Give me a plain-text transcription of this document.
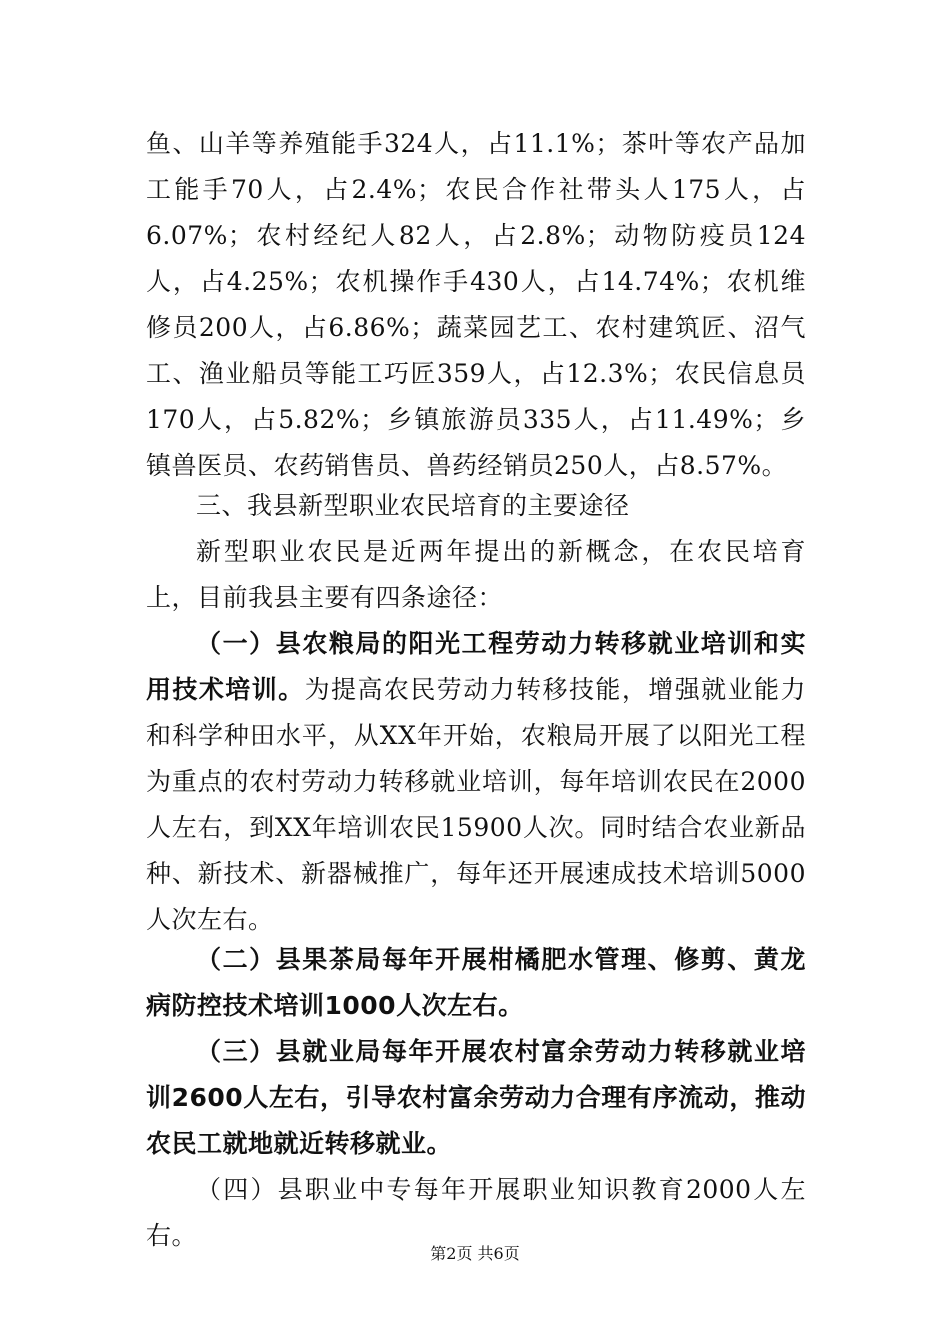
鱼、山羊等养殖能手324人，占11.1%；茶叶等农产品加工能手70人，占2.4%；农民合作社带头人175人，占6.07%；农村经纪人82人，占2.8%；动物防疫员124人，占4.25%；农机操作手430人，占14.74%；农机维修员200人，占6.86%；蔬菜园艺工、农村建筑匠、沼气工、渔业船员等能工巧匠359人，占12.3%；农民信息员170人，占5.82%；乡镇旅游员335人，占11.49%；乡镇兽医员、农药销售员、兽药经销员250人，占8.57%。

三、我县新型职业农民培育的主要途径

新型职业农民是近两年提出的新概念，在农民培育上，目前我县主要有四条途径：

（一）县农粮局的阳光工程劳动力转移就业培训和实用技术培训。为提高农民劳动力转移技能，增强就业能力和科学种田水平，从XX年开始，农粮局开展了以阳光工程为重点的农村劳动力转移就业培训，每年培训农民在2000人左右，到XX年培训农民15900人次。同时结合农业新品种、新技术、新器械推广，每年还开展速成技术培训5000人次左右。

（二）县果茶局每年开展柑橘肥水管理、修剪、黄龙病防控技术培训1000人次左右。

（三）县就业局每年开展农村富余劳动力转移就业培训2600人左右，引导农村富余劳动力合理有序流动，推动农民工就地就近转移就业。

（四）县职业中专每年开展职业知识教育2000人左右。

第2页 共6页
